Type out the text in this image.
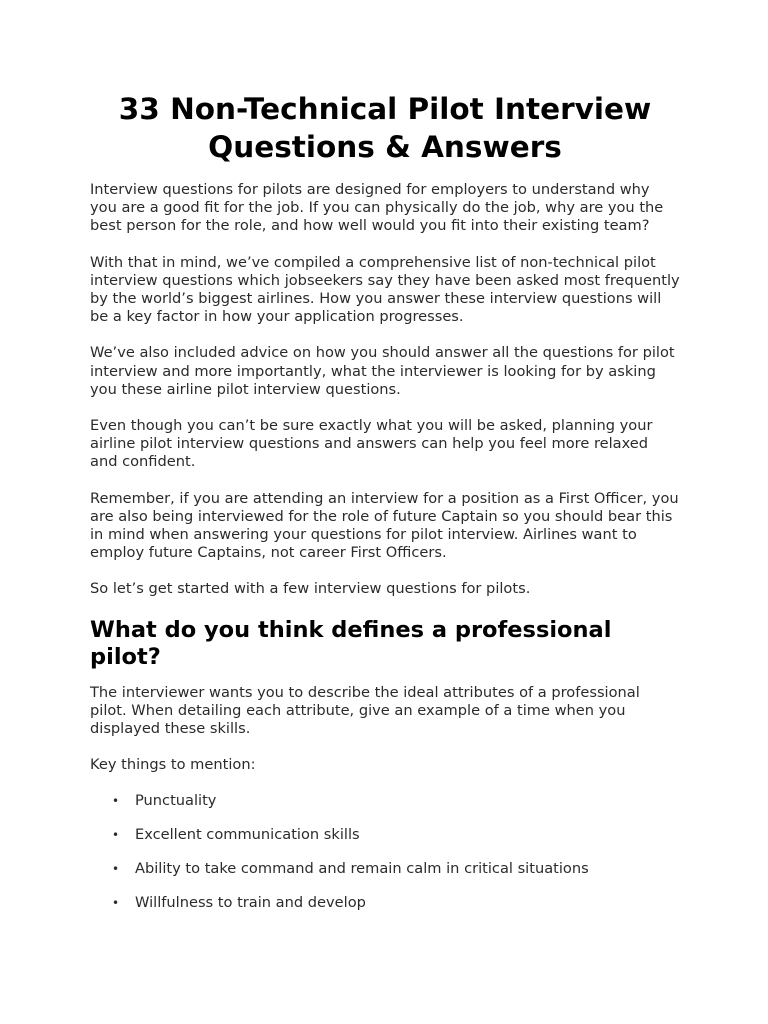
33 Non-Technical Pilot Interview Questions & Answers

Interview questions for pilots are designed for employers to understand why you are a good fit for the job. If you can physically do the job, why are you the best person for the role, and how well would you fit into their existing team?

With that in mind, we’ve compiled a comprehensive list of non-technical pilot interview questions which jobseekers say they have been asked most frequently by the world’s biggest airlines. How you answer these interview questions will be a key factor in how your application progresses.

We’ve also included advice on how you should answer all the questions for pilot interview and more importantly, what the interviewer is looking for by asking you these airline pilot interview questions.

Even though you can’t be sure exactly what you will be asked, planning your airline pilot interview questions and answers can help you feel more relaxed and confident.

Remember, if you are attending an interview for a position as a First Officer, you are also being interviewed for the role of future Captain so you should bear this in mind when answering your questions for pilot interview. Airlines want to employ future Captains, not career First Officers.

So let’s get started with a few interview questions for pilots.

What do you think defines a professional pilot?

The interviewer wants you to describe the ideal attributes of a professional pilot. When detailing each attribute, give an example of a time when you displayed these skills.

Key things to mention:

• Punctuality
• Excellent communication skills
• Ability to take command and remain calm in critical situations
• Willfulness to train and develop
